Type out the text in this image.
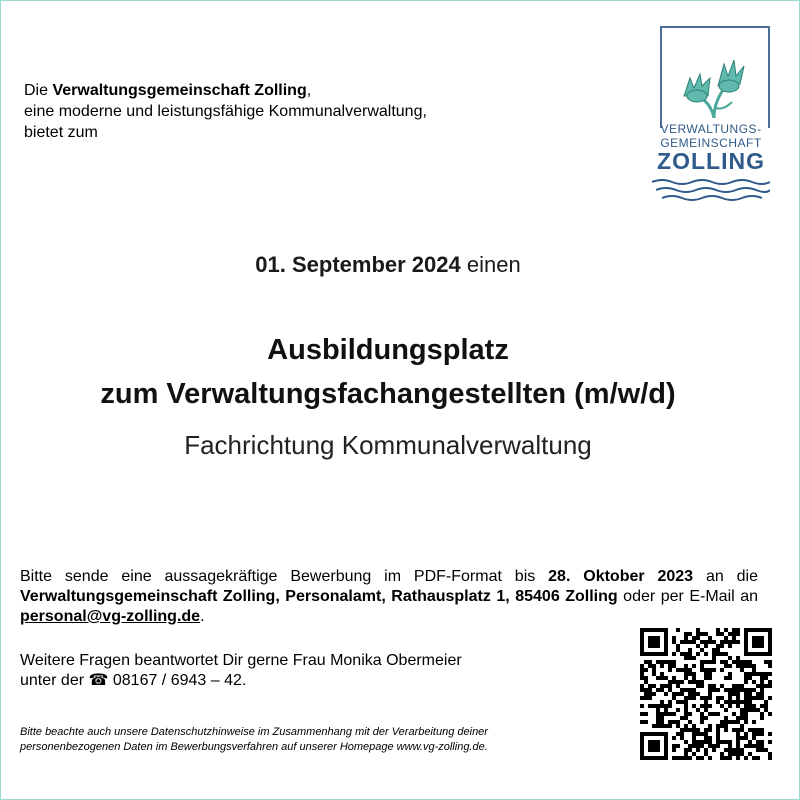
Die Verwaltungsgemeinschaft Zolling,
eine moderne und leistungsfähige Kommunalverwaltung,
bietet zum	VERWALTUNGS-
GEMEINSCHAFT
ZOLLING
01. September 2024 einen
Ausbildungsplatz
zum Verwaltungsfachangestellten (m/w/d)
Fachrichtung Kommunalverwaltung
Bitte sende eine aussagekräftige Bewerbung im PDF-Format bis 28. Oktober 2023 an die Verwaltungsgemeinschaft Zolling, Personalamt, Rathausplatz 1, 85406 Zolling oder per E-Mail an personal@vg-zolling.de.
Weitere Fragen beantwortet Dir gerne Frau Monika Obermeier
unter der ☎ 08167 / 6943 – 42.
Bitte beachte auch unsere Datenschutzhinweise im Zusammenhang mit der Verarbeitung deiner
personenbezogenen Daten im Bewerbungsverfahren auf unserer Homepage www.vg-zolling.de.
